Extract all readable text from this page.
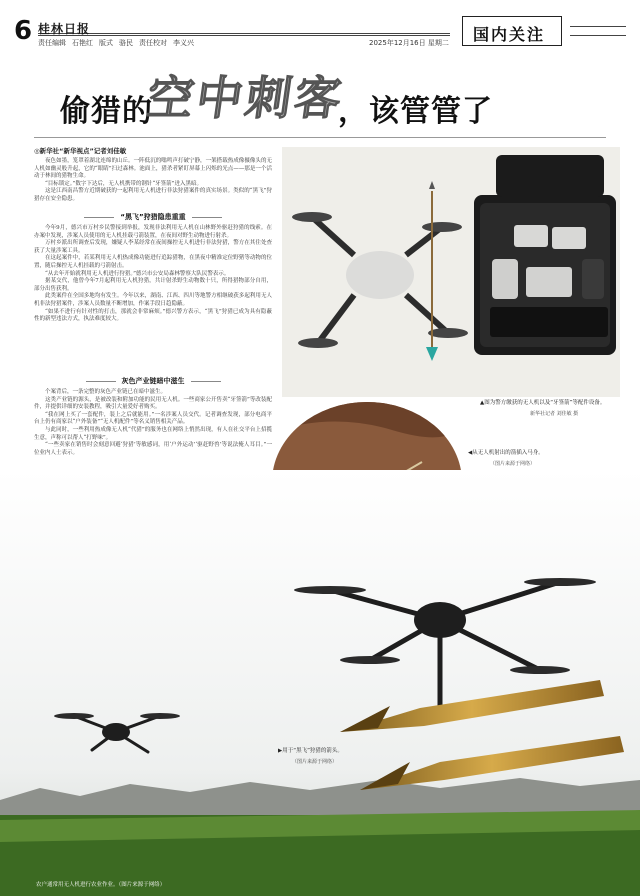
6 桂林日报
责任编辑 石艳红 版式 骆民 责任校对 李义兴	2025年12月16日 星期二 国内关注
偷猎的
空中刺客
，该管管了
◎新华社“新华视点”记者刘佳敏

夜色如墨，笼罩着湖北连绵的山丘。一阵低沉的嗡鸣声打破宁静，一架搭载热成像摄像头的无人机如幽灵般升起，它的“眼睛”扫过森林。池面上，猎杀者紧盯屏幕上闪烁的光点——那是一个活动于林间的猎物生命。

“目标锁定。”数字下达后，无人机携带的钢针“牙签箭”迸入黑暗。

这是江西南昌警方近期破获的一起利用无人机进行非法狩猎案件的真实场景。类似的“黑飞”狩猎存在安全隐患。

“黑飞”狩猎隐患重重

今年9月，德兴市万村乡民警接到举报，发现非法利用无人机在山林野外驱赶狩猎的线索。在办案中发现，涉案人员使用的无人机挂载弓箭装置，在夜间对野生动物进行射杀。

万村乡派出所调查后发现，嫌疑人李某经常在夜间操控无人机进行非法狩猎，警方在其住处查获了大量涉案工具。

在这起案件中，若某利用无人机热成像功能进行追踪猎物，在黑夜中精准定位野猪等动物的位置，随后操控无人机挂载的弓箭射击。

“从去年开始就利用无人机进行狩猎。”德兴市公安局森林警察大队民警表示。

据某交代，他曾今年7月起利用无人机狩猎，共计射杀野生动物数十只，所得猎物部分自用，部分出售获利。

此类案件在全国多地均有发生。今年以来，湖南、江西、四川等地警方相继破获多起利用无人机非法狩猎案件，涉案人员数量不断增加，作案手段日趋隐蔽。

“如果不进行有针对性的打击，那就会非常麻烦。”德兴警方表示，“黑飞”狩猎已成为具有隐蔽性的新型违法方式，执法难度较大。

灰色产业链暗中滋生

个案背后，一条完整的灰色产业链已在暗中滋生。

这类产业链的源头，是被改装和附加功能的民用无人机。一些商家公开售卖“牙签箭”等改装配件，并提供详细的安装教程，吸引大量爱好者购买。

“我在网上买了一套配件，装上之后就能用。”一名涉案人员交代。记者调查发现，部分电商平台上仍有商家以“户外装备”“无人机配件”等名义销售相关产品。

与此同时，一些利用热成像无人机“代猎”的服务也在网络上悄然出现，有人在社交平台上招揽生意，声称可以帮人“打野味”。

“一些卖家在销售时会刻意回避‘狩猎’等敏感词，用‘户外运动’‘驱赶野兽’等说法掩人耳目。”一位业内人士表示。

▲图为警方缴获的无人机以及“牙签箭”等配件设备。
新华社记者 刘佳敏 摄
◀从无人机射出的箭插入马身。
（图片来源于网络）
▶用于“黑飞”狩猎的箭头。
（图片来源于网络）
农户通常用无人机进行农业作业。（图片来源于网络）
